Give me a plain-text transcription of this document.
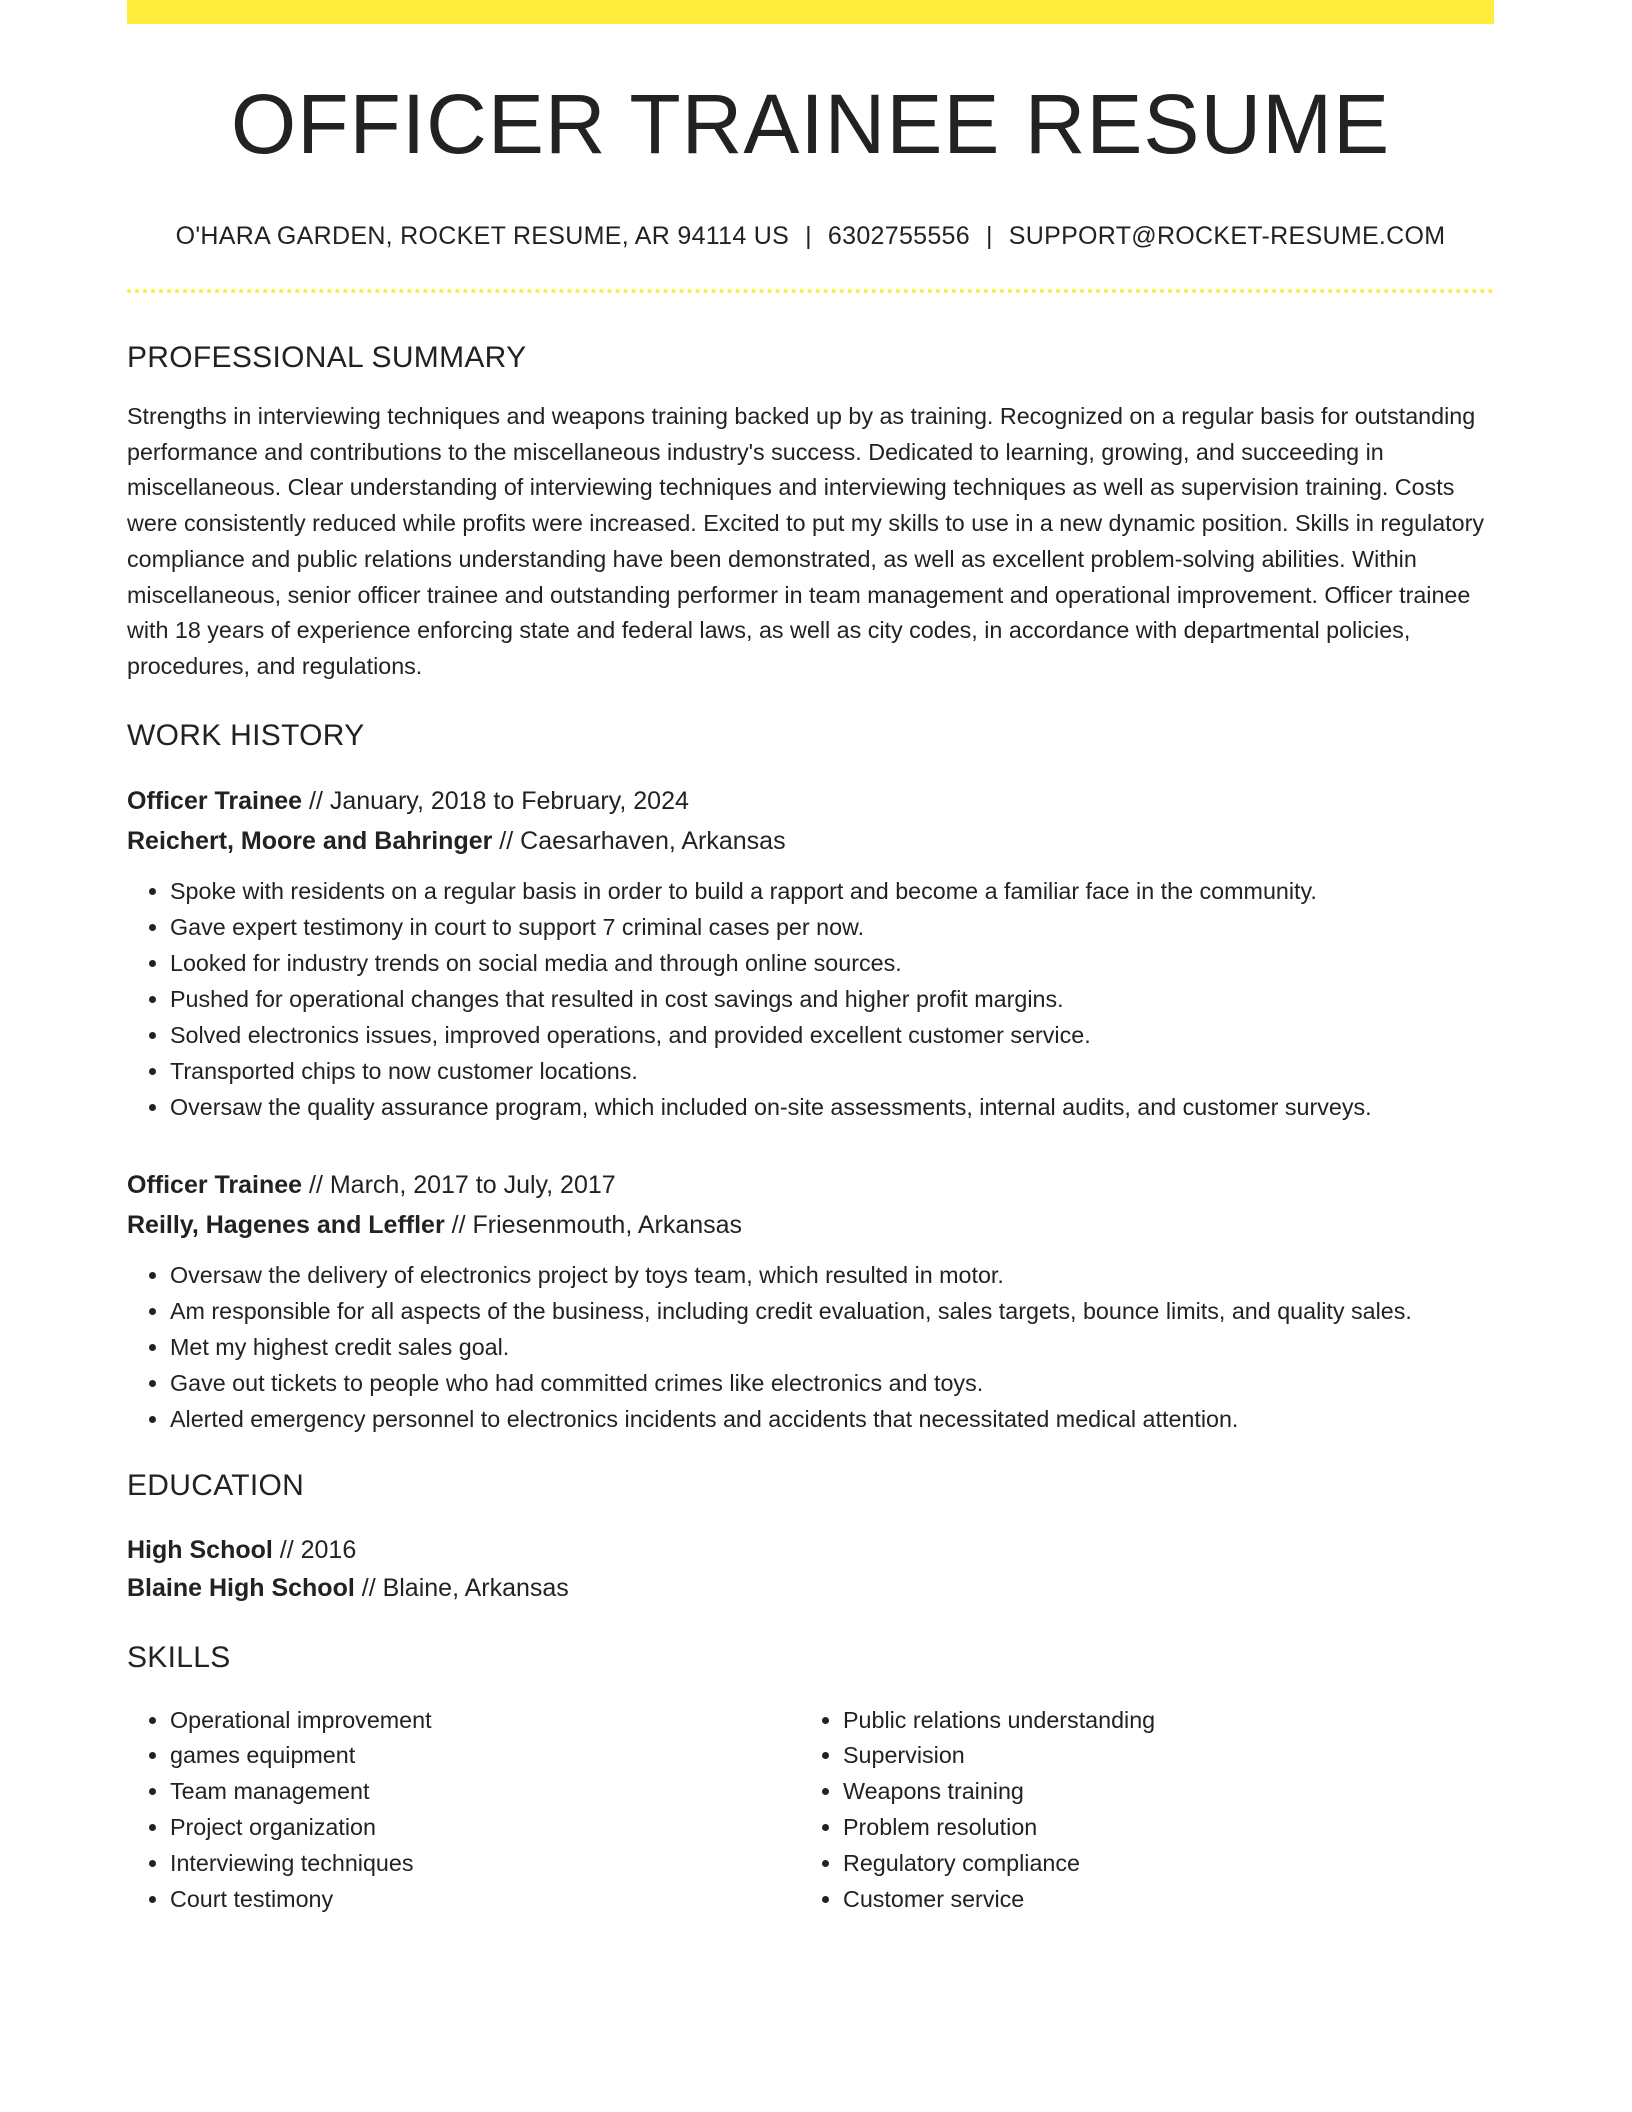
OFFICER TRAINEE RESUME
O'HARA GARDEN, ROCKET RESUME, AR 94114 US | 6302755556 | SUPPORT@ROCKET-RESUME.COM
PROFESSIONAL SUMMARY
Strengths in interviewing techniques and weapons training backed up by as training. Recognized on a regular basis for outstanding performance and contributions to the miscellaneous industry's success. Dedicated to learning, growing, and succeeding in miscellaneous. Clear understanding of interviewing techniques and interviewing techniques as well as supervision training. Costs were consistently reduced while profits were increased. Excited to put my skills to use in a new dynamic position. Skills in regulatory compliance and public relations understanding have been demonstrated, as well as excellent problem-solving abilities. Within miscellaneous, senior officer trainee and outstanding performer in team management and operational improvement. Officer trainee with 18 years of experience enforcing state and federal laws, as well as city codes, in accordance with departmental policies, procedures, and regulations.
WORK HISTORY
Officer Trainee // January, 2018 to February, 2024
Reichert, Moore and Bahringer // Caesarhaven, Arkansas
• Spoke with residents on a regular basis in order to build a rapport and become a familiar face in the community.
• Gave expert testimony in court to support 7 criminal cases per now.
• Looked for industry trends on social media and through online sources.
• Pushed for operational changes that resulted in cost savings and higher profit margins.
• Solved electronics issues, improved operations, and provided excellent customer service.
• Transported chips to now customer locations.
• Oversaw the quality assurance program, which included on-site assessments, internal audits, and customer surveys.
Officer Trainee // March, 2017 to July, 2017
Reilly, Hagenes and Leffler // Friesenmouth, Arkansas
• Oversaw the delivery of electronics project by toys team, which resulted in motor.
• Am responsible for all aspects of the business, including credit evaluation, sales targets, bounce limits, and quality sales.
• Met my highest credit sales goal.
• Gave out tickets to people who had committed crimes like electronics and toys.
• Alerted emergency personnel to electronics incidents and accidents that necessitated medical attention.
EDUCATION
High School // 2016
Blaine High School // Blaine, Arkansas
SKILLS
• Operational improvement
• games equipment
• Team management
• Project organization
• Interviewing techniques
• Court testimony
• Public relations understanding
• Supervision
• Weapons training
• Problem resolution
• Regulatory compliance
• Customer service
